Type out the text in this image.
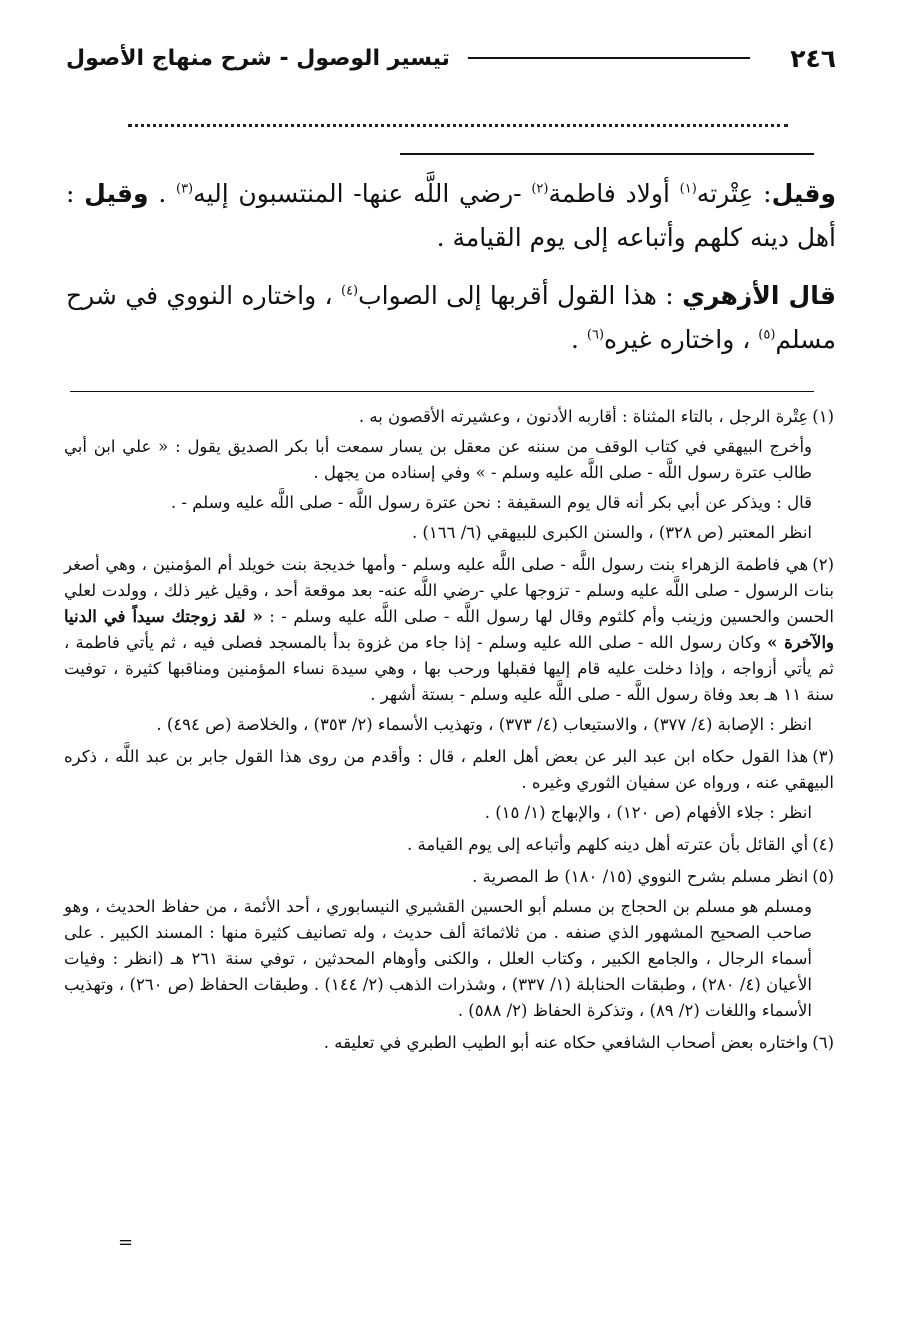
٢٤٦
تيسير الوصول - شرح منهاج الأصول

وقيل: عِتْرته$^{(١)}$ أولاد فاطمة$^{(٢)}$ -رضي اللَّه عنها- المنتسبون إليه$^{(٣)}$ . وقيل : أهل دينه كلهم وأتباعه إلى يوم القيامة .

قال الأزهري : هذا القول أقربها إلى الصواب$^{(٤)}$ ، واختاره النووي في شرح مسلم$^{(٥)}$ ، واختاره غيره$^{(٦)}$ .

(١)عِتْرة الرجل ، بالتاء المثناة : أقاربه الأدنون ، وعشيرته الأقصون به .

وأخرج البيهقي في كتاب الوقف من سننه عن معقل بن يسار سمعت أبا بكر الصديق يقول : « علي ابن أبي طالب عترة رسول اللَّه - صلى اللَّه عليه وسلم - » وفي إسناده من يجهل .

قال : ويذكر عن أبي بكر أنه قال يوم السقيفة : نحن عترة رسول اللَّه - صلى اللَّه عليه وسلم - .

انظر المعتبر (ص ٣٢٨) ، والسنن الكبرى للبيهقي (٦/ ١٦٦) .

(٢)هي فاطمة الزهراء بنت رسول اللَّه - صلى اللَّه عليه وسلم - وأمها خديجة بنت خويلد أم المؤمنين ، وهي أصغر بنات الرسول - صلى اللَّه عليه وسلم - تزوجها علي -رضي اللَّه عنه- بعد موقعة أحد ، وقيل غير ذلك ، وولدت لعلي الحسن والحسين وزينب وأم كلثوم وقال لها رسول اللَّه - صلى اللَّه عليه وسلم - : « لقد زوجتك سيداً في الدنيا والآخرة » وكان رسول الله - صلى الله عليه وسلم - إذا جاء من غزوة بدأ بالمسجد فصلى فيه ، ثم يأتي فاطمة ، ثم يأتي أزواجه ، وإذا دخلت عليه قام إليها فقبلها ورحب بها ، وهي سيدة نساء المؤمنين ومناقبها كثيرة ، توفيت سنة ١١ هـ بعد وفاة رسول اللَّه - صلى اللَّه عليه وسلم - بستة أشهر .

انظر : الإصابة (٤/ ٣٧٧) ، والاستيعاب (٤/ ٣٧٣) ، وتهذيب الأسماء (٢/ ٣٥٣) ، والخلاصة (ص ٤٩٤) .

(٣)هذا القول حكاه ابن عبد البر عن بعض أهل العلم ، قال : وأقدم من روى هذا القول جابر بن عبد اللَّه ، ذكره البيهقي عنه ، ورواه عن سفيان الثوري وغيره .

انظر : جلاء الأفهام (ص ١٢٠) ، والإبهاج (١/ ١٥) .

(٤)أي القائل بأن عترته أهل دينه كلهم وأتباعه إلى يوم القيامة .

(٥)انظر مسلم بشرح النووي (١٥/ ١٨٠) ط المصرية .

ومسلم هو مسلم بن الحجاج بن مسلم أبو الحسين القشيري النيسابوري ، أحد الأئمة ، من حفاظ الحديث ، وهو صاحب الصحيح المشهور الذي صنفه . من ثلاثمائة ألف حديث ، وله تصانيف كثيرة منها : المسند الكبير . على أسماء الرجال ، والجامع الكبير ، وكتاب العلل ، والكنى وأوهام المحدثين ، توفي سنة ٢٦١ هـ (انظر : وفيات الأعيان (٤/ ٢٨٠) ، وطبقات الحنابلة (١/ ٣٣٧) ، وشذرات الذهب (٢/ ١٤٤) . وطبقات الحفاظ (ص ٢٦٠) ، وتهذيب الأسماء واللغات (٢/ ٨٩) ، وتذكرة الحفاظ (٢/ ٥٨٨) .

(٦)واختاره بعض أصحاب الشافعي حكاه عنه أبو الطيب الطبري في تعليقه .

=
